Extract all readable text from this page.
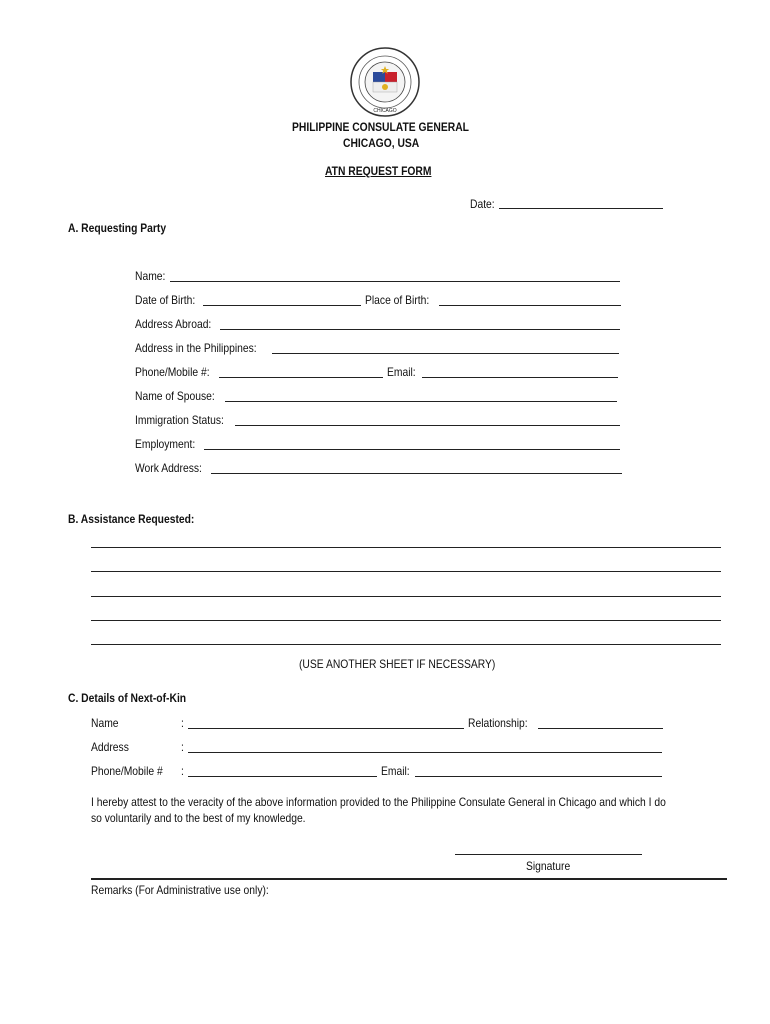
CHICAGO
PHILIPPINE CONSULATE GENERAL
CHICAGO, USA
ATN REQUEST FORM
Date:
A. Requesting Party
Name:
Date of Birth:	Place of Birth:
Address Abroad:
Address in the Philippines:
Phone/Mobile #:	Email:
Name of Spouse:
Immigration Status:
Employment:
Work Address:
B. Assistance Requested:
(USE ANOTHER SHEET IF NECESSARY)
C. Details of Next-of-Kin
Name	:	Relationship:
Address	:
Phone/Mobile # :	Email:
I hereby attest to the veracity of the above information provided to the Philippine Consulate General in Chicago and which I do
so voluntarily and to the best of my knowledge.
Signature
Remarks (For Administrative use only):
